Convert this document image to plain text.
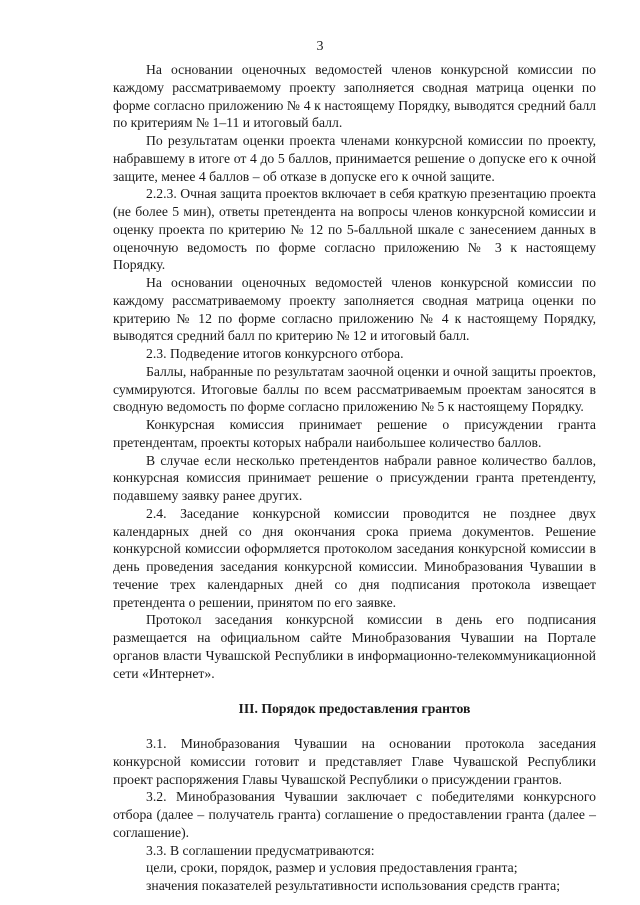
3

На основании оценочных ведомостей членов конкурсной комиссии по каждому рассматриваемому проекту заполняется сводная матрица оценки по форме согласно приложению № 4 к настоящему Порядку, выводятся средний балл по критериям № 1–11 и итоговый балл.

По результатам оценки проекта членами конкурсной комиссии по проекту, набравшему в итоге от 4 до 5 баллов, принимается решение о допуске его к очной защите, менее 4 баллов – об отказе в допуске его к очной защите.

2.2.3. Очная защита проектов включает в себя краткую презентацию проекта (не более 5 мин), ответы претендента на вопросы членов конкурсной комиссии и оценку проекта по критерию № 12 по 5-балльной шкале с занесением данных в оценочную ведомость по форме согласно приложению № 3 к настоящему Порядку.

На основании оценочных ведомостей членов конкурсной комиссии по каждому рассматриваемому проекту заполняется сводная матрица оценки по критерию № 12 по форме согласно приложению № 4 к настоящему Порядку, выводятся средний балл по критерию № 12 и итоговый балл.

2.3. Подведение итогов конкурсного отбора.

Баллы, набранные по результатам заочной оценки и очной защиты проектов, суммируются. Итоговые баллы по всем рассматриваемым проектам заносятся в сводную ведомость по форме согласно приложению № 5 к настоящему Порядку.

Конкурсная комиссия принимает решение о присуждении гранта претендентам, проекты которых набрали наибольшее количество баллов.

В случае если несколько претендентов набрали равное количество баллов, конкурсная комиссия принимает решение о присуждении гранта претенденту, подавшему заявку ранее других.

2.4. Заседание конкурсной комиссии проводится не позднее двух календарных дней со дня окончания срока приема документов. Решение конкурсной комиссии оформляется протоколом заседания конкурсной комиссии в день проведения заседания конкурсной комиссии. Минобразования Чувашии в течение трех календарных дней со дня подписания протокола извещает претендента о решении, принятом по его заявке.

Протокол заседания конкурсной комиссии в день его подписания размещается на официальном сайте Минобразования Чувашии на Портале органов власти Чувашской Республики в информационно-телекоммуникационной сети «Интернет».

III. Порядок предоставления грантов

3.1. Минобразования Чувашии на основании протокола заседания конкурсной комиссии готовит и представляет Главе Чувашской Республики проект распоряжения Главы Чувашской Республики о присуждении грантов.

3.2. Минобразования Чувашии заключает с победителями конкурсного отбора (далее – получатель гранта) соглашение о предоставлении гранта (далее – соглашение).

3.3. В соглашении предусматриваются:

цели, сроки, порядок, размер и условия предоставления гранта;

значения показателей результативности использования средств гранта;
